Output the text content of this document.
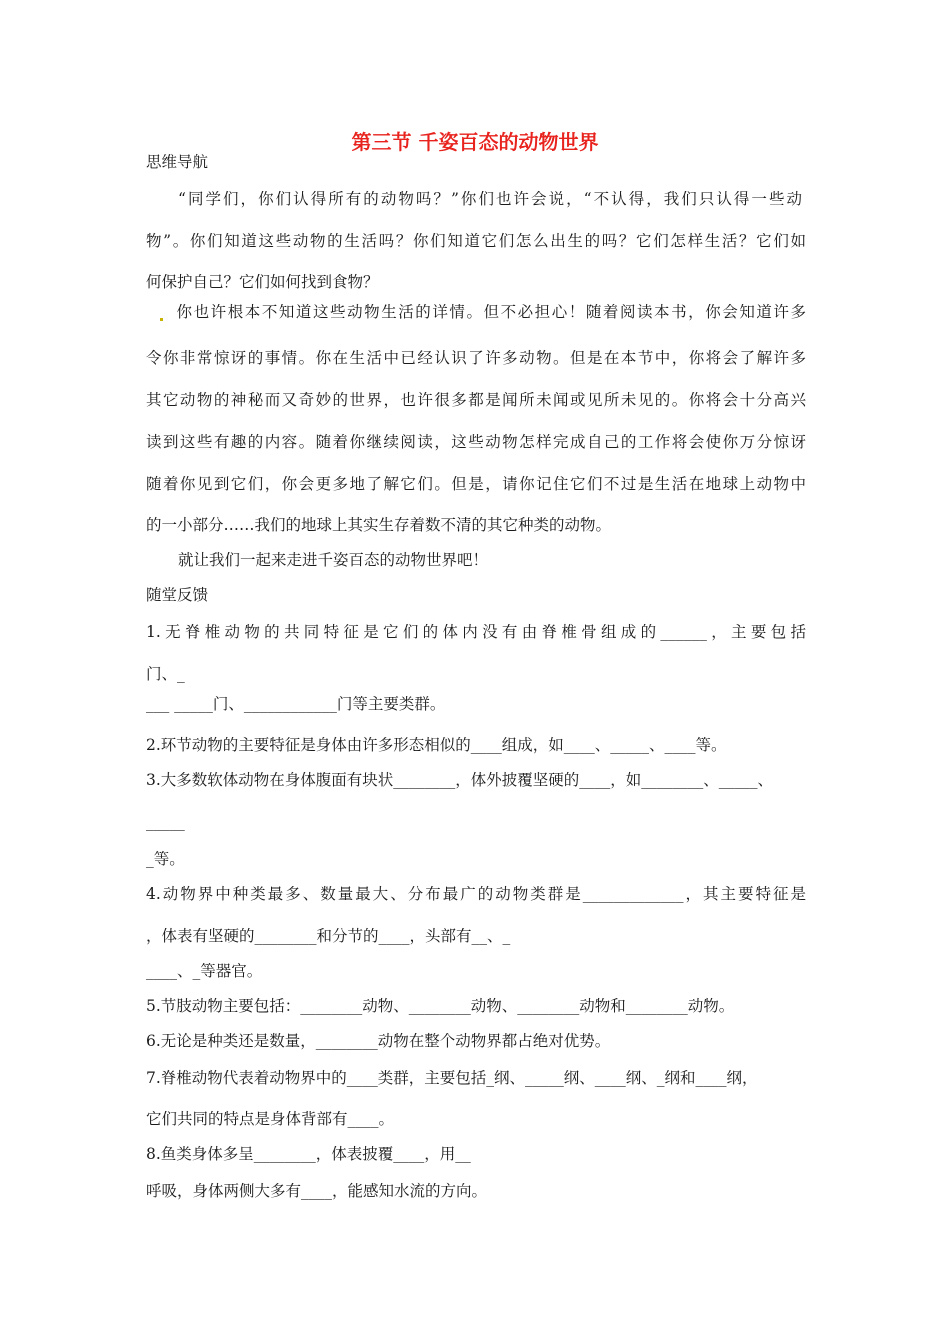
第三节 千姿百态的动物世界
思维导航
“同学们，你们认得所有的动物吗？”你们也许会说，“不认得，我们只认得一些动
物”。你们知道这些动物的生活吗？你们知道它们怎么出生的吗？它们怎样生活？它们如
何保护自己？它们如何找到食物？
你也许根本不知道这些动物生活的详情。但不必担心！随着阅读本书，你会知道许多
令你非常惊讶的事情。你在生活中已经认识了许多动物。但是在本节中，你将会了解许多
其它动物的神秘而又奇妙的世界，也许很多都是闻所未闻或见所未见的。你将会十分高兴
读到这些有趣的内容。随着你继续阅读，这些动物怎样完成自己的工作将会使你万分惊讶
随着你见到它们，你会更多地了解它们。但是，请你记住它们不过是生活在地球上动物中
的一小部分……我们的地球上其实生存着数不清的其它种类的动物。
就让我们一起来走进千姿百态的动物世界吧！
随堂反馈
1.无脊椎动物的共同特征是它们的体内没有由脊椎骨组成的______，主要包括
门、_
___ _____门、____________门等主要类群。
2.环节动物的主要特征是身体由许多形态相似的____组成，如____、_____、____等。
3.大多数软体动物在身体腹面有块状________，体外披覆坚硬的____，如________、_____、
_____
_等。
4.动物界中种类最多、数量最大、分布最广的动物类群是_____________，其主要特征是
，体表有坚硬的________和分节的____，头部有__、_
____、_等器官。
5.节肢动物主要包括：________动物、________动物、________动物和________动物。
6.无论是种类还是数量，________动物在整个动物界都占绝对优势。
7.脊椎动物代表着动物界中的____类群，主要包括_纲、_____纲、____纲、_纲和____纲，
它们共同的特点是身体背部有____。
8.鱼类身体多呈________，体表披覆____，用__
呼吸，身体两侧大多有____，能感知水流的方向。
